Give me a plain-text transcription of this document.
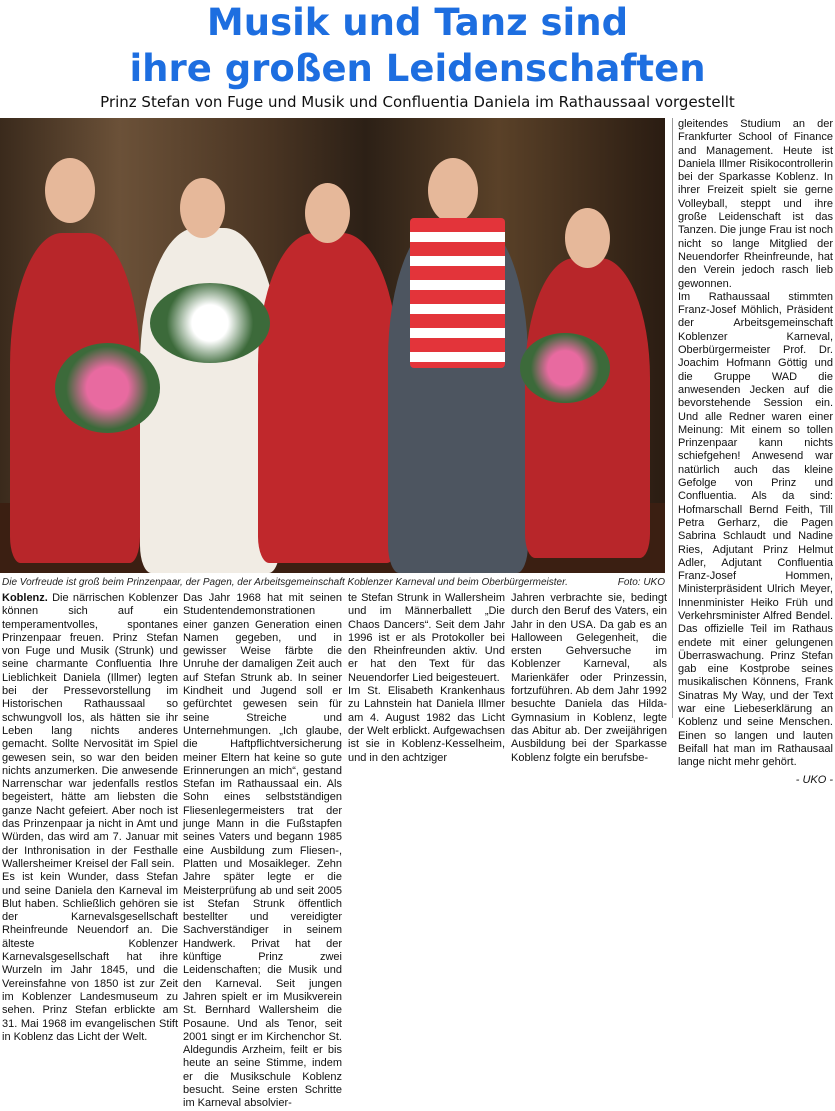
Musik und Tanz sind
ihre großen Leidenschaften

Prinz Stefan von Fuge und Musik und Confluentia Daniela im Rathaussaal vorgestellt

Die Vorfreude ist groß beim Prinzenpaar, der Pagen, der Arbeitsgemeinschaft Koblenzer Karneval und beim Oberbürgermeister.	Foto: UKO

Koblenz. Die närrischen Koblenzer können sich auf ein temperamentvolles, spontanes Prinzenpaar freuen. Prinz Stefan von Fuge und Musik (Strunk) und seine charmante Confluentia Ihre Lieblichkeit Daniela (Illmer) legten bei der Pressevorstellung im Historischen Rathaussaal so schwungvoll los, als hätten sie ihr Leben lang nichts anderes gemacht. Sollte Nervosität im Spiel gewesen sein, so war den beiden nichts anzumerken. Die anwesende Narrenschar war jedenfalls restlos begeistert, hätte am liebsten die ganze Nacht gefeiert. Aber noch ist das Prinzenpaar ja nicht in Amt und Würden, das wird am 7. Januar mit der Inthronisation in der Festhalle Wallersheimer Kreisel der Fall sein.

Es ist kein Wunder, dass Stefan und seine Daniela den Karneval im Blut haben. Schließlich gehören sie der Karnevalsgesellschaft Rheinfreunde Neuendorf an. Die älteste Koblenzer Karnevalsgesellschaft hat ihre Wurzeln im Jahr 1845, und die Vereinsfahne von 1850 ist zur Zeit im Koblenzer Landesmuseum zu sehen. Prinz Stefan erblickte am 31. Mai 1968 im evangelischen Stift in Koblenz das Licht der Welt.

Das Jahr 1968 hat mit seinen Studentendemonstrationen einer ganzen Generation einen Namen gegeben, und in gewisser Weise färbte die Unruhe der damaligen Zeit auch auf Stefan Strunk ab. In seiner Kindheit und Jugend soll er gefürchtet gewesen sein für seine Streiche und Unternehmungen. „Ich glaube, die Haftpflichtversicherung meiner Eltern hat keine so gute Erinnerungen an mich“, gestand Stefan im Rathaussaal ein. Als Sohn eines selbstständigen Fliesenlegermeisters trat der junge Mann in die Fußstapfen seines Vaters und begann 1985 eine Ausbildung zum Fliesen-, Platten und Mosaikleger. Zehn Jahre später legte er die Meisterprüfung ab und seit 2005 ist Stefan Strunk öffentlich bestellter und vereidigter Sachverständiger in seinem Handwerk. Privat hat der künftige Prinz zwei Leidenschaften; die Musik und den Karneval. Seit jungen Jahren spielt er im Musikverein St. Bernhard Wallersheim die Posaune. Und als Tenor, seit 2001 singt er im Kirchenchor St. Aldegundis Arzheim, feilt er bis heute an seine Stimme, indem er die Musikschule Koblenz besucht. Seine ersten Schritte im Karneval absolvier-

te Stefan Strunk in Wallersheim und im Männerballett „Die Chaos Dancers“. Seit dem Jahr 1996 ist er als Protokoller bei den Rheinfreunden aktiv. Und er hat den Text für das Neuendorfer Lied beigesteuert.

Im St. Elisabeth Krankenhaus zu Lahnstein hat Daniela Illmer am 4. August 1982 das Licht der Welt erblickt. Aufgewachsen ist sie in Koblenz-Kesselheim, und in den achtziger

Jahren verbrachte sie, bedingt durch den Beruf des Vaters, ein Jahr in den USA. Da gab es an Halloween Gelegenheit, die ersten Gehversuche im Koblenzer Karneval, als Marienkäfer oder Prinzessin, fortzuführen. Ab dem Jahr 1992 besuchte Daniela das Hilda-Gymnasium in Koblenz, legte das Abitur ab. Der zweijährigen Ausbildung bei der Sparkasse Koblenz folgte ein berufsbe-

gleitendes Studium an der Frankfurter School of Finance and Management. Heute ist Daniela Illmer Risikocontrollerin bei der Sparkasse Koblenz. In ihrer Freizeit spielt sie gerne Volleyball, steppt und ihre große Leidenschaft ist das Tanzen. Die junge Frau ist noch nicht so lange Mitglied der Neuendorfer Rheinfreunde, hat den Verein jedoch rasch lieb gewonnen.

Im Rathaussaal stimmten Franz-Josef Möhlich, Präsident der Arbeitsgemeinschaft Koblenzer Karneval, Oberbürgermeister Prof. Dr. Joachim Hofmann Göttig und die Gruppe WAD die anwesenden Jecken auf die bevorstehende Session ein. Und alle Redner waren einer Meinung: Mit einem so tollen Prinzenpaar kann nichts schiefgehen! Anwesend war natürlich auch das kleine Gefolge von Prinz und Confluentia. Als da sind: Hofmarschall Bernd Feith, Till Petra Gerharz, die Pagen Sabrina Schlaudt und Nadine Ries, Adjutant Prinz Helmut Adler, Adjutant Confluentia Franz-Josef Hommen, Ministerpräsident Ulrich Meyer, Innenminister Heiko Früh und Verkehrsminister Alfred Bendel. Das offizielle Teil im Rathaus endete mit einer gelungenen Überraswachung. Prinz Stefan gab eine Kostprobe seines musikalischen Könnens, Frank Sinatras My Way, und der Text war eine Liebeserklärung an Koblenz und seine Menschen. Einen so langen und lauten Beifall hat man im Rathausaal lange nicht mehr gehört.

- UKO -
